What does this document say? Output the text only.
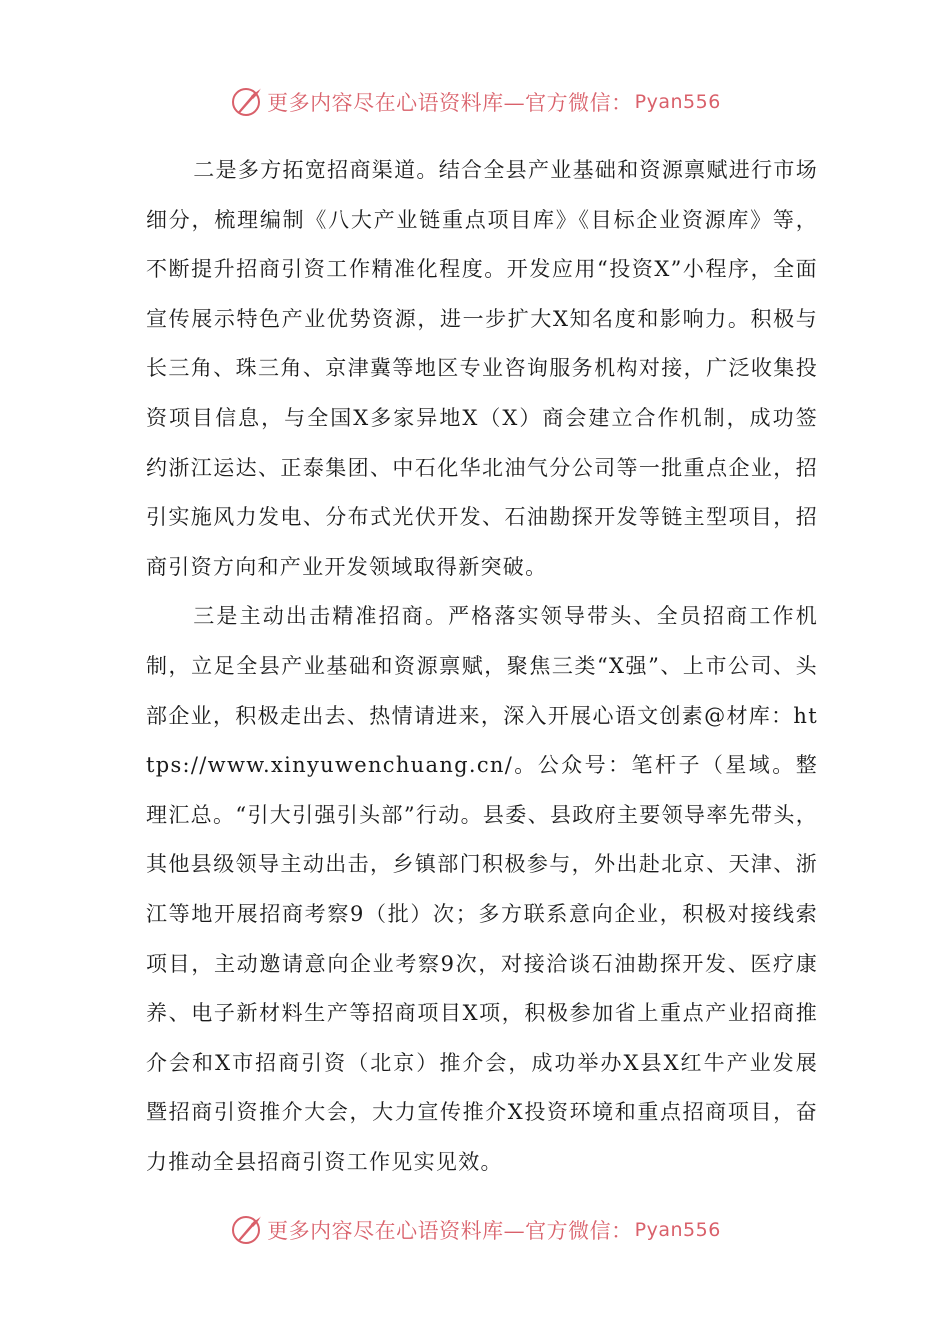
更多内容尽在心语资料库—官方微信： Pyan556

二是多方拓宽招商渠道。结合全县产业基础和资源禀赋进行市场细分，梳理编制《八大产业链重点项目库》《目标企业资源库》等，不断提升招商引资工作精准化程度。开发应用“投资X”小程序，全面宣传展示特色产业优势资源，进一步扩大X知名度和影响力。积极与长三角、珠三角、京津冀等地区专业咨询服务机构对接，广泛收集投资项目信息，与全国X多家异地X（X）商会建立合作机制，成功签约浙江运达、正泰集团、中石化华北油气分公司等一批重点企业，招引实施风力发电、分布式光伏开发、石油勘探开发等链主型项目，招商引资方向和产业开发领域取得新突破。

三是主动出击精准招商。严格落实领导带头、全员招商工作机制，立足全县产业基础和资源禀赋，聚焦三类“X强”、上市公司、头部企业，积极走出去、热情请进来，深入开展心语文创素@材库：https://www.xinyuwenchuang.cn/。公众号：笔杆子（星域。整理汇总。“引大引强引头部”行动。县委、县政府主要领导率先带头，其他县级领导主动出击，乡镇部门积极参与，外出赴北京、天津、浙江等地开展招商考察9（批）次；多方联系意向企业，积极对接线索项目，主动邀请意向企业考察9次，对接洽谈石油勘探开发、医疗康养、电子新材料生产等招商项目X项，积极参加省上重点产业招商推介会和X市招商引资（北京）推介会，成功举办X县X红牛产业发展暨招商引资推介大会，大力宣传推介X投资环境和重点招商项目，奋力推动全县招商引资工作见实见效。

更多内容尽在心语资料库—官方微信： Pyan556
